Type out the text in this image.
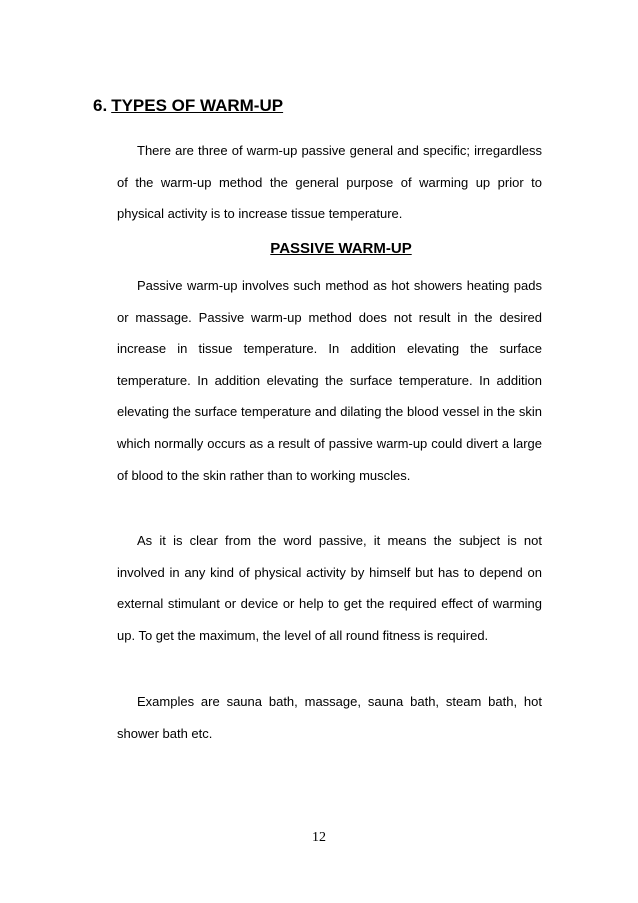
6. TYPES OF WARM-UP

There are three of warm-up passive general and specific; irregardless of the warm-up method the general purpose of warming up prior to physical activity is to increase tissue temperature.

PASSIVE WARM-UP

Passive warm-up involves such method as hot showers heating pads or massage. Passive warm-up method does not result in the desired increase in tissue temperature. In addition elevating the surface temperature. In addition elevating the surface temperature. In addition elevating the surface temperature and dilating the blood vessel in the skin which normally occurs as a result of passive warm-up could divert a large of blood to the skin rather than to working muscles.

As it is clear from the word passive, it means the subject is not involved in any kind of physical activity by himself but has to depend on external stimulant or device or help to get the required effect of warming up. To get the maximum, the level of all round fitness is required.

Examples are sauna bath, massage, sauna bath, steam bath, hot shower bath etc.

12
